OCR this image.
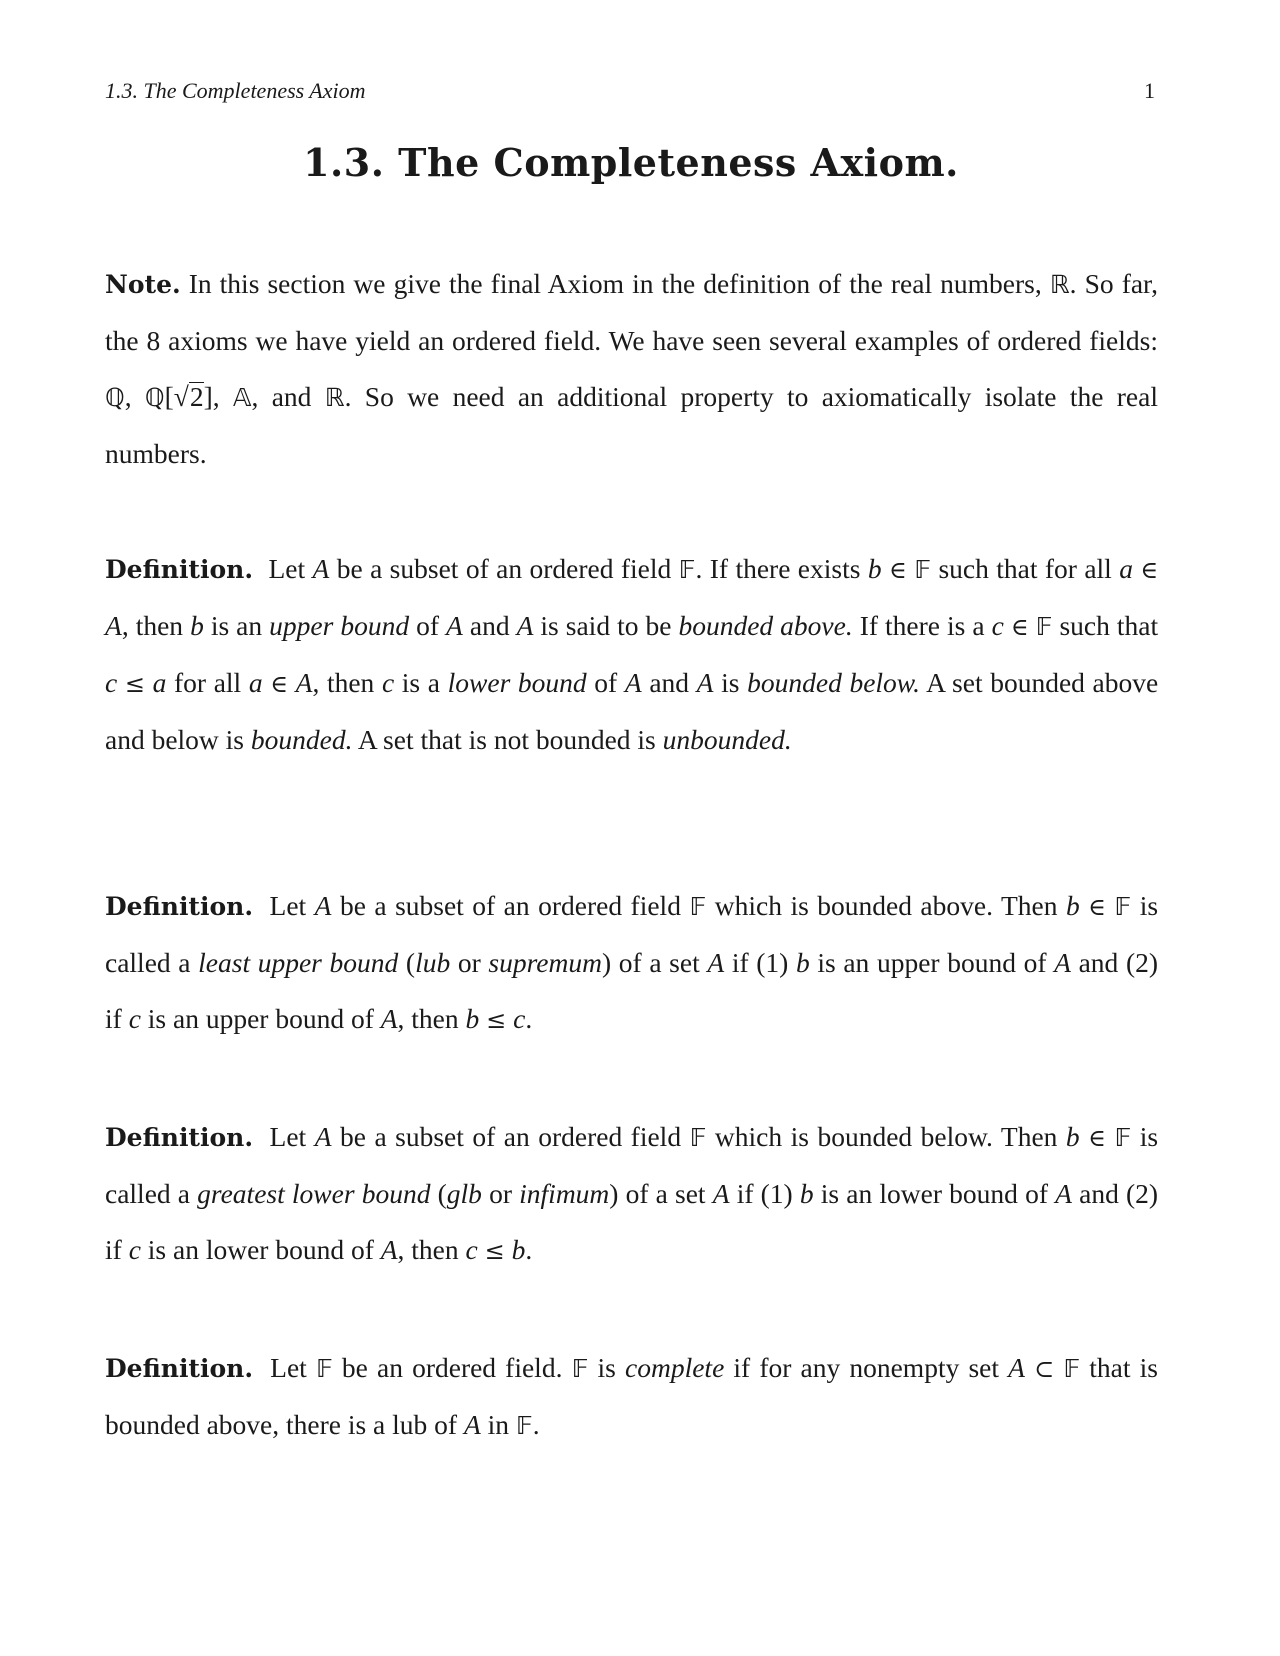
1.3. The Completeness Axiom	1
1.3. The Completeness Axiom.
Note. In this section we give the final Axiom in the definition of the real numbers, ℝ. So far, the 8 axioms we have yield an ordered field. We have seen several examples of ordered fields: ℚ, ℚ[√2], 𝔸, and ℝ. So we need an additional property to axiomatically isolate the real numbers.
Definition. Let A be a subset of an ordered field 𝔽. If there exists b ∈ 𝔽 such that for all a ∈ A, then b is an upper bound of A and A is said to be bounded above. If there is a c ∈ 𝔽 such that c ≤ a for all a ∈ A, then c is a lower bound of A and A is bounded below. A set bounded above and below is bounded. A set that is not bounded is unbounded.
Definition. Let A be a subset of an ordered field 𝔽 which is bounded above. Then b ∈ 𝔽 is called a least upper bound (lub or supremum) of a set A if (1) b is an upper bound of A and (2) if c is an upper bound of A, then b ≤ c.
Definition. Let A be a subset of an ordered field 𝔽 which is bounded below. Then b ∈ 𝔽 is called a greatest lower bound (glb or infimum) of a set A if (1) b is an lower bound of A and (2) if c is an lower bound of A, then c ≤ b.
Definition. Let 𝔽 be an ordered field. 𝔽 is complete if for any nonempty set A ⊂ 𝔽 that is bounded above, there is a lub of A in 𝔽.
